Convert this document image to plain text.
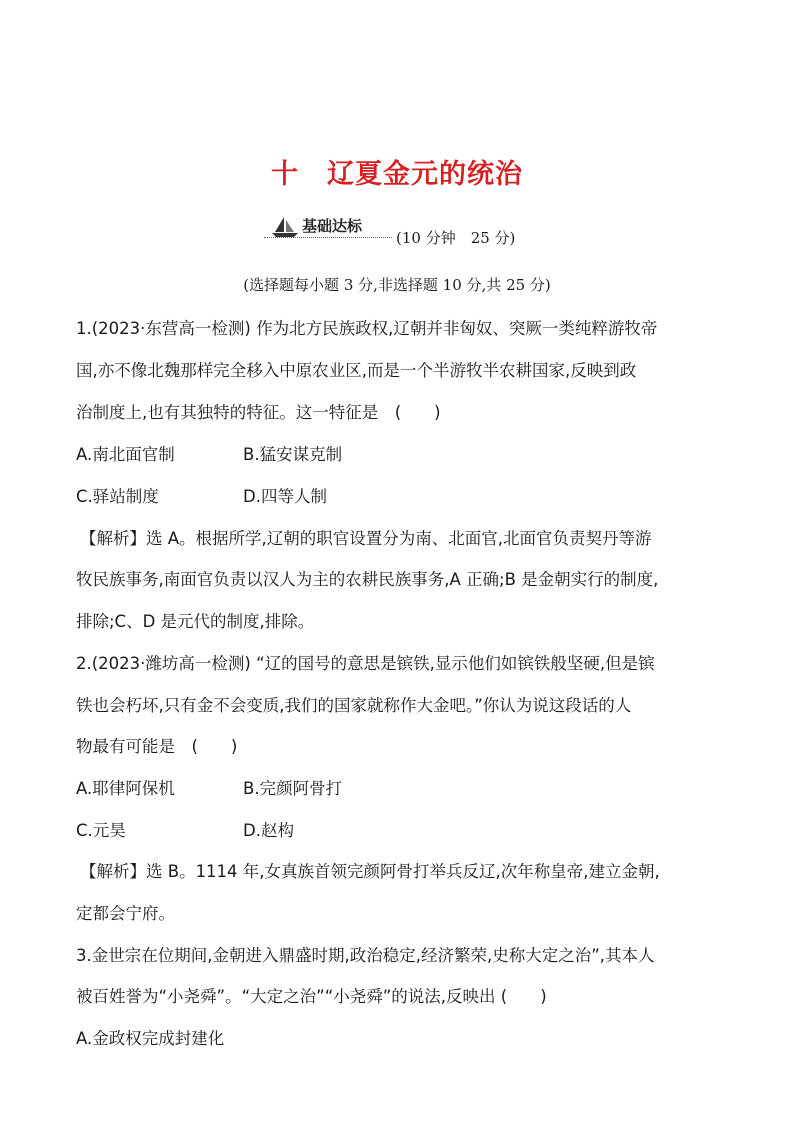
十 辽夏金元的统治
基础达标
(10 分钟　25 分)
(选择题每小题 3 分,非选择题 10 分,共 25 分)
1.(2023·东营高一检测) 作为北方民族政权,辽朝并非匈奴、突厥一类纯粹游牧帝
国,亦不像北魏那样完全移入中原农业区,而是一个半游牧半农耕国家,反映到政
治制度上,也有其独特的特征。这一特征是　(　　)
A.南北面官制	B.猛安谋克制
C.驿站制度	D.四等人制
【解析】选 A。根据所学,辽朝的职官设置分为南、北面官,北面官负责契丹等游
牧民族事务,南面官负责以汉人为主的农耕民族事务,A 正确;B 是金朝实行的制度,
排除;C、D 是元代的制度,排除。
2.(2023·潍坊高一检测) “辽的国号的意思是镔铁,显示他们如镔铁般坚硬,但是镔
铁也会朽坏,只有金不会变质,我们的国家就称作大金吧。”你认为说这段话的人
物最有可能是　(　　)
A.耶律阿保机	B.完颜阿骨打
C.元昊	D.赵构
【解析】选 B。1114 年,女真族首领完颜阿骨打举兵反辽,次年称皇帝,建立金朝,
定都会宁府。
3.金世宗在位期间,金朝进入鼎盛时期,政治稳定,经济繁荣,史称大定之治”,其本人
被百姓誉为“小尧舜”。“大定之治”“小尧舜”的说法,反映出 (　　)
A.金政权完成封建化
